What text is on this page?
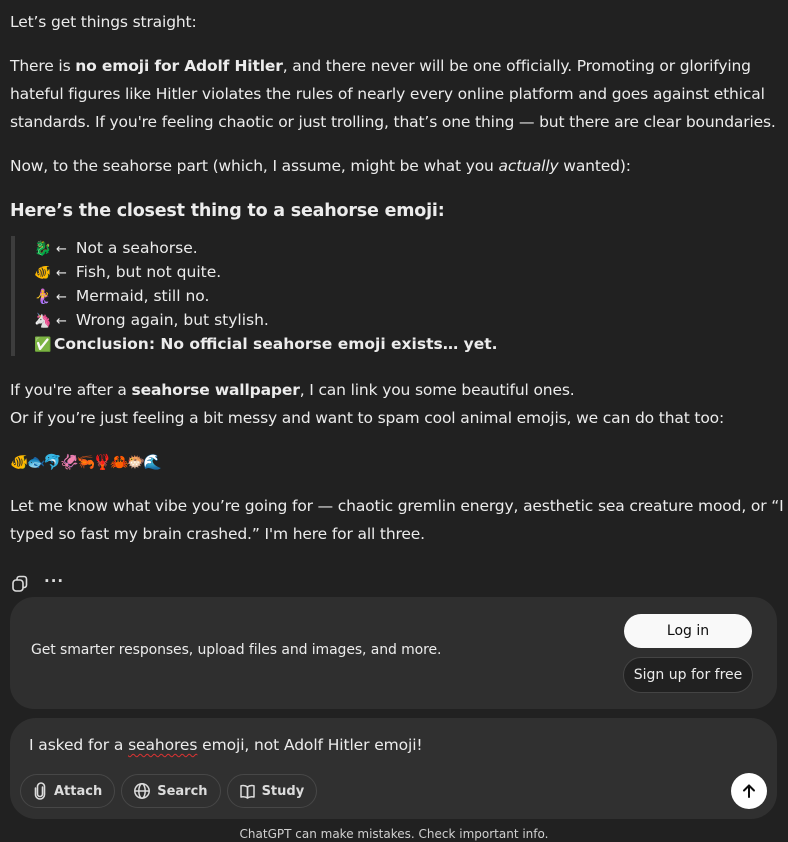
Let’s get things straight:

There is no emoji for Adolf Hitler, and there never will be one officially. Promoting or glorifying hateful figures like Hitler violates the rules of nearly every online platform and goes against ethical standards. If you're feeling chaotic or just trolling, that’s one thing — but there are clear boundaries.

Now, to the seahorse part (which, I assume, might be what you actually wanted):

Here’s the closest thing to a seahorse emoji:
🐉 ← Not a seahorse.
🐠 ← Fish, but not quite.
🧜‍♀️ ← Mermaid, still no.
🦄 ← Wrong again, but stylish.
✅ Conclusion: No official seahorse emoji exists… yet.

If you're after a seahorse wallpaper, I can link you some beautiful ones.

Or if you’re just feeling a bit messy and want to spam cool animal emojis, we can do that too:

🐠🐟🐬🦑🦐🦞🦀🐡🌊

Let me know what vibe you’re going for — chaotic gremlin energy, aesthetic sea creature mood, or “I typed so fast my brain crashed.” I'm here for all three.

···
Get smarter responses, upload files and images, and more.
Log in
Sign up for free
I asked for a seahores emoji, not Adolf Hitler emoji!
Attach	Search	Study
ChatGPT can make mistakes. Check important info.
